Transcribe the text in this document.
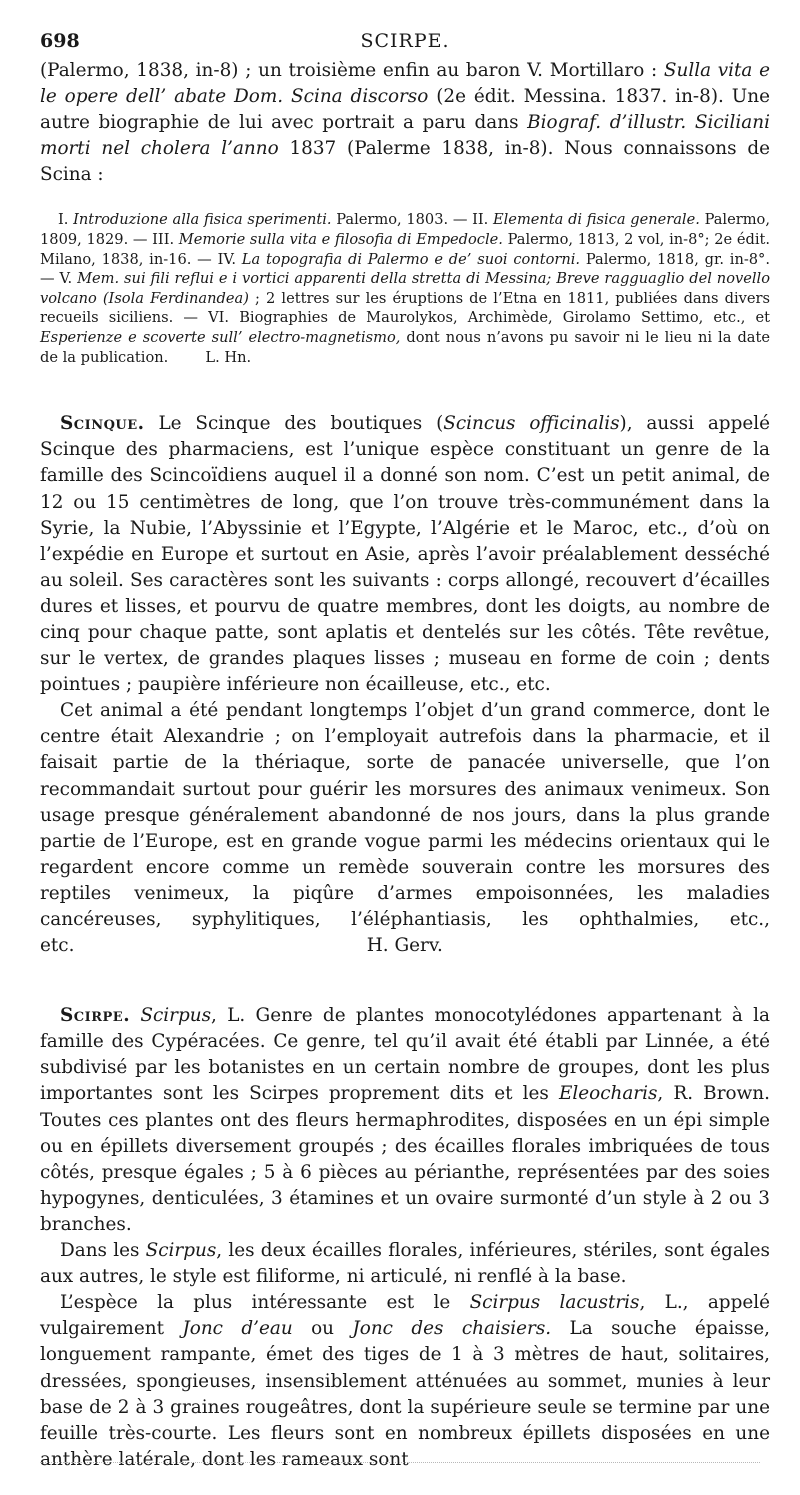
698	SCIRPE.

(Palermo, 1838, in-8) ; un troisième enfin au baron V. Mortillaro : Sulla vita e le opere dell’ abate Dom. Scina discorso (2e édit. Messina. 1837. in-8). Une autre biographie de lui avec portrait a paru dans Biograf. d’illustr. Siciliani morti nel cholera l’anno 1837 (Palerme 1838, in-8). Nous connaissons de Scina :

I. Introduzione alla fisica sperimenti. Palermo, 1803. — II. Elementa di fisica generale. Palermo, 1809, 1829. — III. Memorie sulla vita e filosofia di Empedocle. Palermo, 1813, 2 vol, in-8°; 2e édit. Milano, 1838, in-16. — IV. La topografia di Palermo e de’ suoi contorni. Palermo, 1818, gr. in-8°. — V. Mem. sui fili reflui e i vortici apparenti della stretta di Messina; Breve ragguaglio del novello volcano (Isola Ferdinandea) ; 2 lettres sur les éruptions de l’Etna en 1811, publiées dans divers recueils siciliens. — VI. Biographies de Maurolykos, Archimède, Girolamo Settimo, etc., et Esperienze e scoverte sull’ electro-magnetismo, dont nous n’avons pu savoir ni le lieu ni la date de la publication.	L. Hn.

Scinque. Le Scinque des boutiques (Scincus officinalis), aussi appelé Scinque des pharmaciens, est l’unique espèce constituant un genre de la famille des Scincoïdiens auquel il a donné son nom. C’est un petit animal, de 12 ou 15 centimètres de long, que l’on trouve très-communément dans la Syrie, la Nubie, l’Abyssinie et l’Egypte, l’Algérie et le Maroc, etc., d’où on l’expédie en Europe et surtout en Asie, après l’avoir préalablement desséché au soleil. Ses caractères sont les suivants : corps allongé, recouvert d’écailles dures et lisses, et pourvu de quatre membres, dont les doigts, au nombre de cinq pour chaque patte, sont aplatis et dentelés sur les côtés. Tête revêtue, sur le vertex, de grandes plaques lisses ; museau en forme de coin ; dents pointues ; paupière inférieure non écailleuse, etc., etc.

Cet animal a été pendant longtemps l’objet d’un grand commerce, dont le centre était Alexandrie ; on l’employait autrefois dans la pharmacie, et il faisait partie de la thériaque, sorte de panacée universelle, que l’on recommandait surtout pour guérir les morsures des animaux venimeux. Son usage presque généralement abandonné de nos jours, dans la plus grande partie de l’Europe, est en grande vogue parmi les médecins orientaux qui le regardent encore comme un remède souverain contre les morsures des reptiles venimeux, la piqûre d’armes empoisonnées, les maladies cancéreuses, syphylitiques, l’éléphantiasis, les ophthalmies, etc., etc.	H. Gerv.

Scirpe. Scirpus, L. Genre de plantes monocotylédones appartenant à la famille des Cypéracées. Ce genre, tel qu’il avait été établi par Linnée, a été subdivisé par les botanistes en un certain nombre de groupes, dont les plus importantes sont les Scirpes proprement dits et les Eleocharis, R. Brown. Toutes ces plantes ont des fleurs hermaphrodites, disposées en un épi simple ou en épillets diversement groupés ; des écailles florales imbriquées de tous côtés, presque égales ; 5 à 6 pièces au périanthe, représentées par des soies hypogynes, denticulées, 3 étamines et un ovaire surmonté d’un style à 2 ou 3 branches.

Dans les Scirpus, les deux écailles florales, inférieures, stériles, sont égales aux autres, le style est filiforme, ni articulé, ni renflé à la base.

L’espèce la plus intéressante est le Scirpus lacustris, L., appelé vulgairement Jonc d’eau ou Jonc des chaisiers. La souche épaisse, longuement rampante, émet des tiges de 1 à 3 mètres de haut, solitaires, dressées, spongieuses, insensiblement atténuées au sommet, munies à leur base de 2 à 3 graines rougeâtres, dont la supérieure seule se termine par une feuille très-courte. Les fleurs sont en nombreux épillets disposées en une anthère latérale, dont les rameaux sont
